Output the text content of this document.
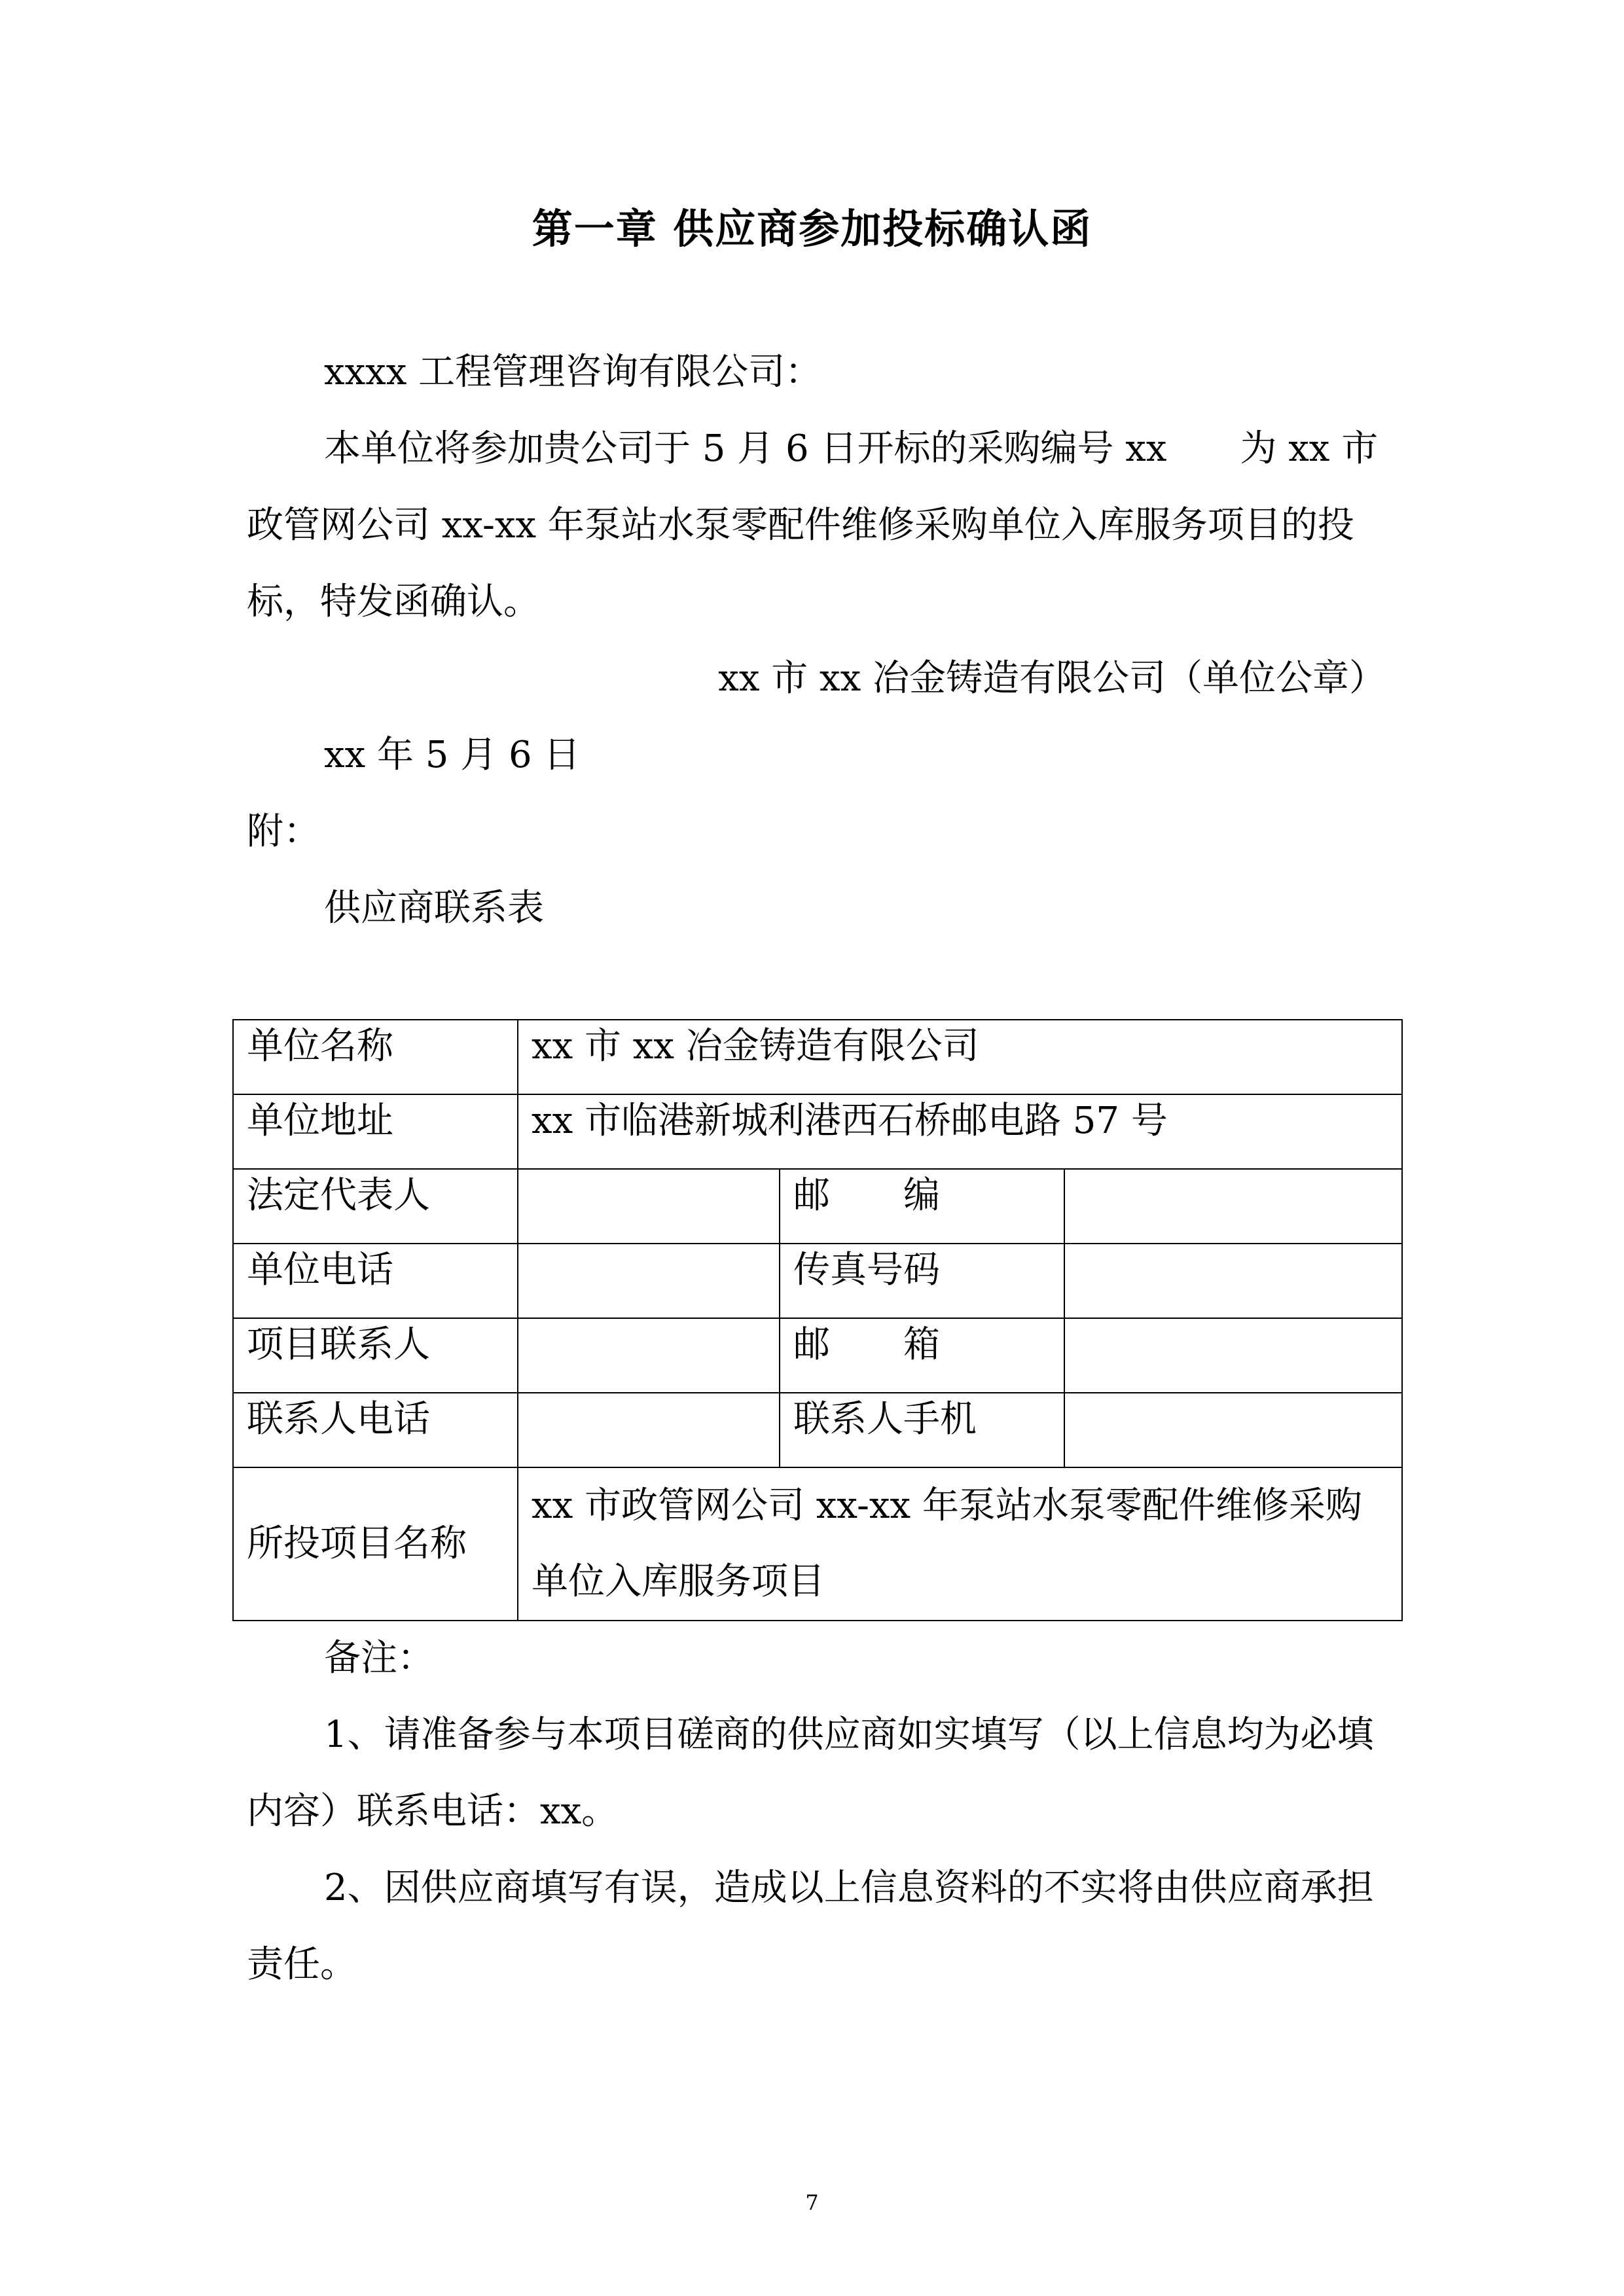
第一章 供应商参加投标确认函

xxxx 工程管理咨询有限公司：

本单位将参加贵公司于 5 月 6 日开标的采购编号 xx　　为 xx 市政管网公司 xx-xx 年泵站水泵零配件维修采购单位入库服务项目的投标，特发函确认。

xx 市 xx 冶金铸造有限公司（单位公章）

xx 年 5 月 6 日

附：

供应商联系表

单位名称	xx 市 xx 冶金铸造有限公司		
单位地址	xx 市临港新城利港西石桥邮电路 57 号		
法定代表人		邮　　编	
单位电话		传真号码	
项目联系人		邮　　箱	
联系人电话		联系人手机	
所投项目名称	xx 市政管网公司 xx-xx 年泵站水泵零配件维修采购单位入库服务项目		

备注：

1、请准备参与本项目磋商的供应商如实填写（以上信息均为必填内容）联系电话：xx。

2、因供应商填写有误，造成以上信息资料的不实将由供应商承担责任。

7
